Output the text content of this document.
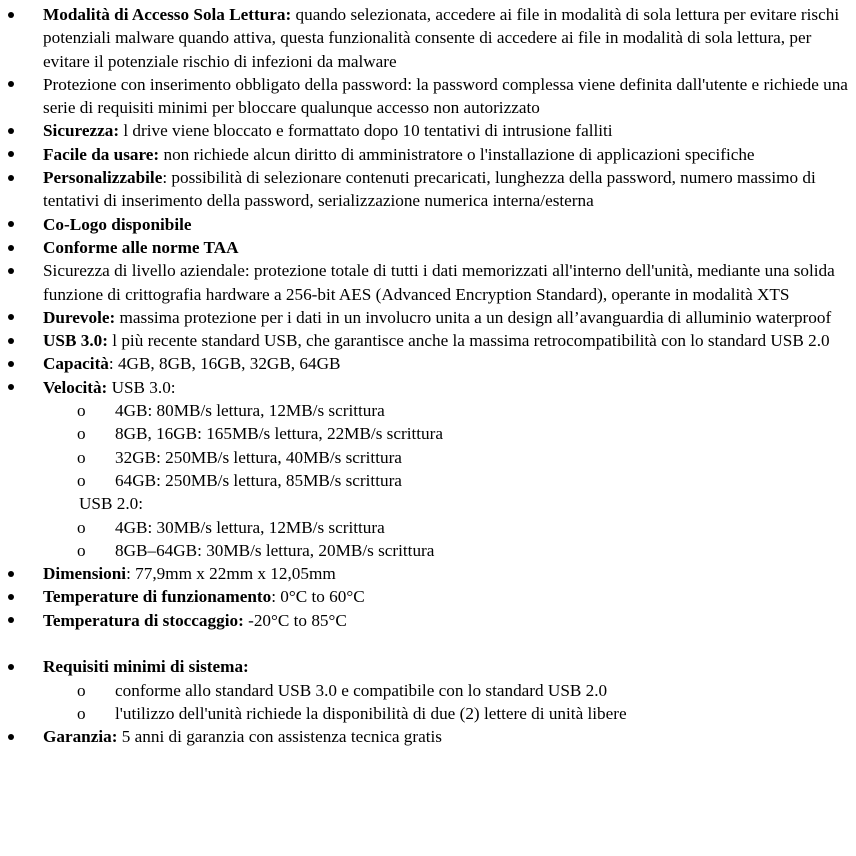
Modalità di Accesso Sola Lettura: quando selezionata, accedere ai file in modalità di sola lettura per evitare rischi potenziali malware quando attiva, questa funzionalità consente di accedere ai file in modalità di sola lettura, per evitare il potenziale rischio di infezioni da malware
Protezione con inserimento obbligato della password: la password complessa viene definita dall'utente e richiede una serie di requisiti minimi per bloccare qualunque accesso non autorizzato
Sicurezza: l drive viene bloccato e formattato dopo 10 tentativi di intrusione falliti
Facile da usare: non richiede alcun diritto di amministratore o l'installazione di applicazioni specifiche
Personalizzabile: possibilità di selezionare contenuti precaricati, lunghezza della password, numero massimo di tentativi di inserimento della password, serializzazione numerica interna/esterna
Co-Logo disponibile
Conforme alle norme TAA
Sicurezza di livello aziendale: protezione totale di tutti i dati memorizzati all'interno dell'unità, mediante una solida funzione di crittografia hardware a 256-bit AES (Advanced Encryption Standard), operante in modalità XTS
Durevole: massima protezione per i dati in un involucro unita a un design all’avanguardia di alluminio waterproof
USB 3.0: l più recente standard USB, che garantisce anche la massima retrocompatibilità con lo standard USB 2.0
Capacità: 4GB, 8GB, 16GB, 32GB, 64GB
Velocità: USB 3.0:
o 4GB: 80MB/s lettura, 12MB/s scrittura
o 8GB, 16GB: 165MB/s lettura, 22MB/s scrittura
o 32GB: 250MB/s lettura, 40MB/s scrittura
o 64GB: 250MB/s lettura, 85MB/s scrittura
USB 2.0:
o 4GB: 30MB/s lettura, 12MB/s scrittura
o 8GB–64GB: 30MB/s lettura, 20MB/s scrittura
Dimensioni: 77,9mm x 22mm x 12,05mm
Temperature di funzionamento: 0°C to 60°C
Temperatura di stoccaggio: -20°C to 85°C
Requisiti minimi di sistema:
o conforme allo standard USB 3.0 e compatibile con lo standard USB 2.0
o l'utilizzo dell'unità richiede la disponibilità di due (2) lettere di unità libere
Garanzia: 5 anni di garanzia con assistenza tecnica gratis
